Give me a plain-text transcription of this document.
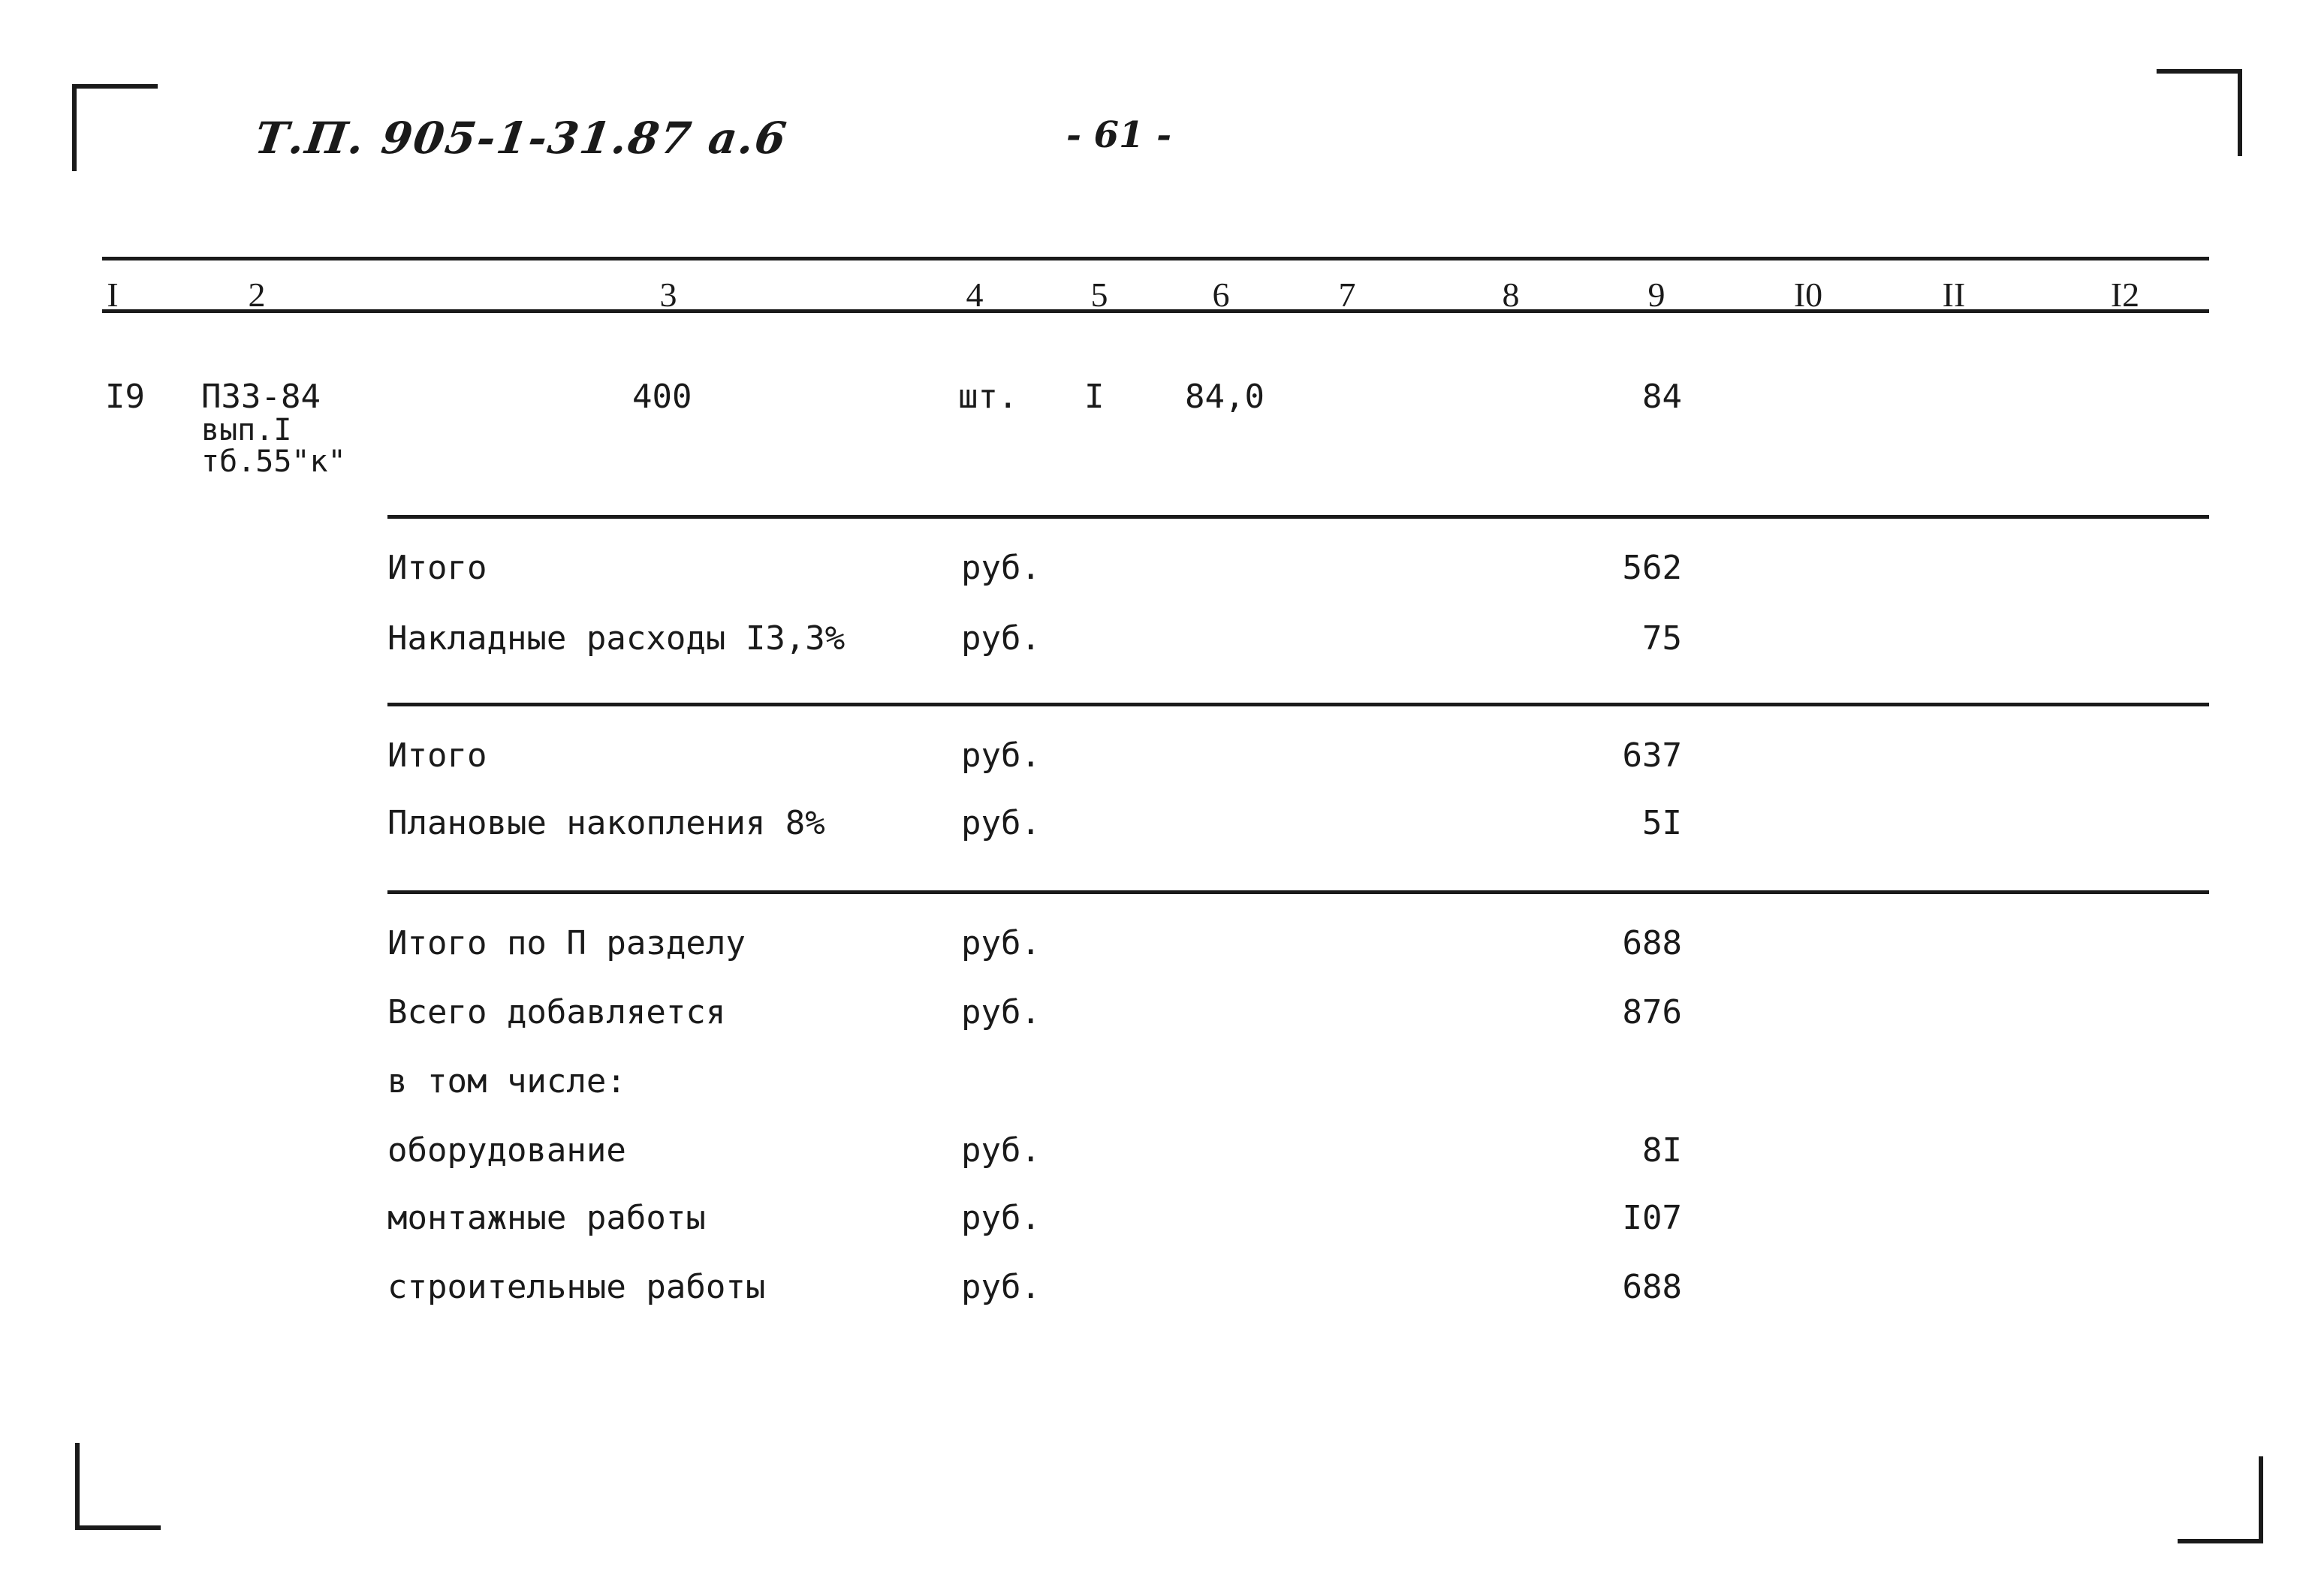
Т.П. 905-1-31.87 а.6	- 61 -
I	2	3	4	5	6	7	8	9	I0	II	I2
I9 П33-84
вып.I
тб.55"к"
400	шт. I 84,0	84
Итого	руб.	562
Накладные расходы I3,3%	руб.	75
Итого	руб.	637
Плановые накопления 8%	руб.	5I
Итого по П разделу	руб.	688
Всего добавляется	руб.	876
в том числе:
оборудование	руб.	8I
монтажные работы	руб.	I07
строительные работы	руб.	688
